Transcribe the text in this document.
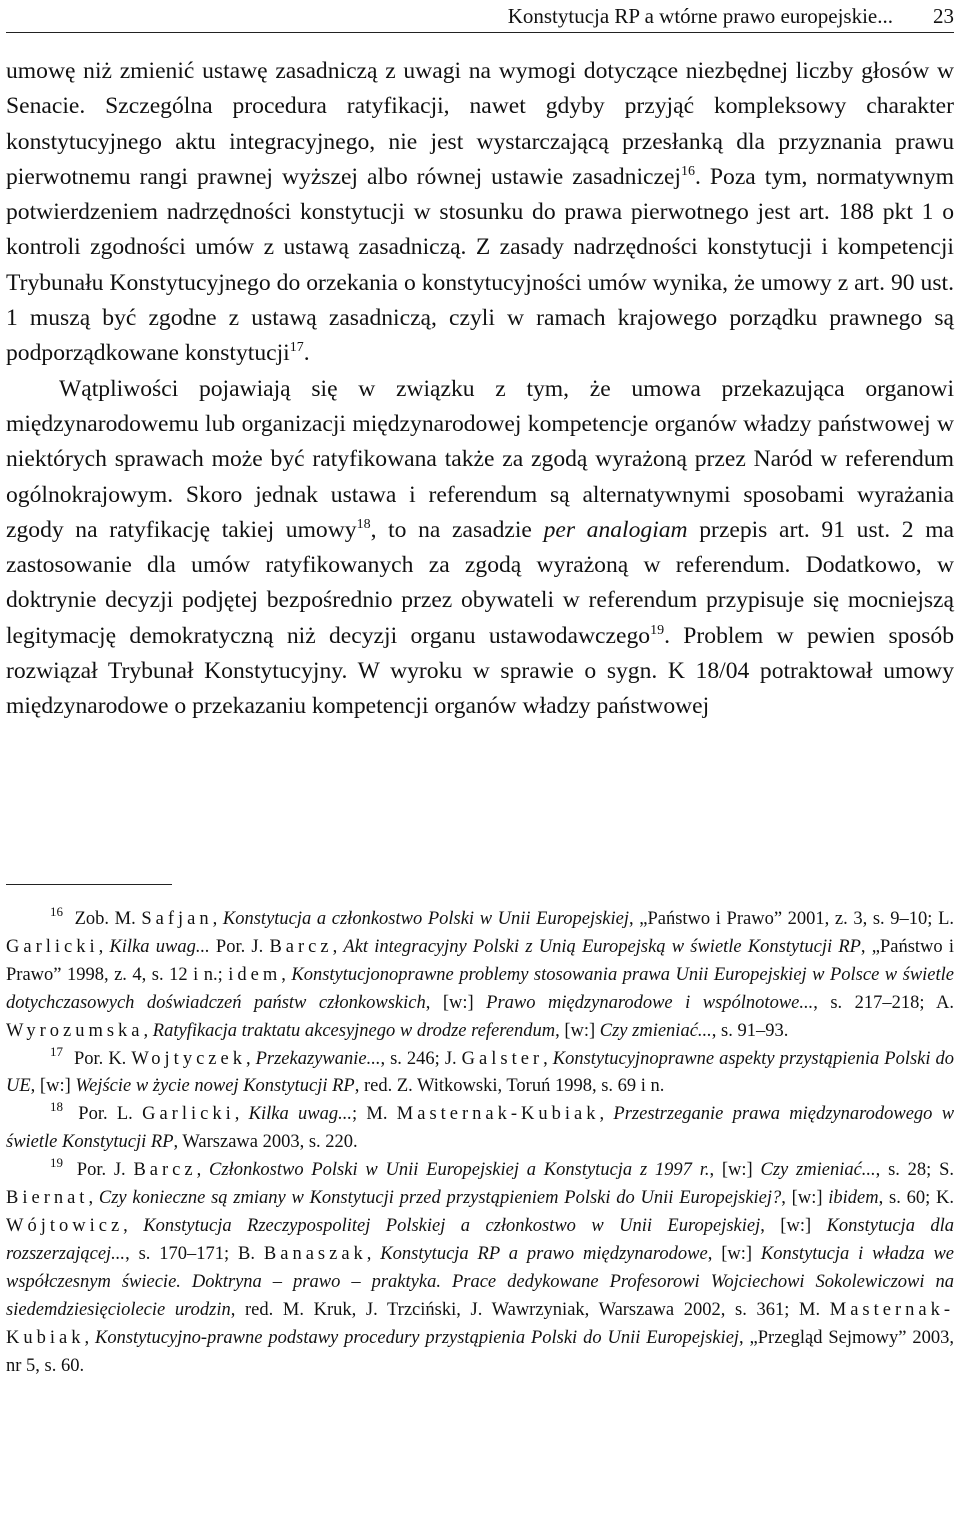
Konstytucja RP a wtórne prawo europejskie... 23

umowę niż zmienić ustawę zasadniczą z uwagi na wymogi dotyczące niezbędnej liczby głosów w Senacie. Szczególna procedura ratyfikacji, nawet gdyby przyjąć kompleksowy charakter konstytucyjnego aktu integracyjnego, nie jest wystarczającą przesłanką dla przyznania prawu pierwotnemu rangi prawnej wyższej albo równej ustawie zasadniczej$^{16}$. Poza tym, normatywnym potwierdzeniem nadrzędności konstytucji w stosunku do prawa pierwotnego jest art. 188 pkt 1 o kontroli zgodności umów z ustawą zasadniczą. Z zasady nadrzędności konstytucji i kompetencji Trybunału Konstytucyjnego do orzekania o konstytucyjności umów wynika, że umowy z art. 90 ust. 1 muszą być zgodne z ustawą zasadniczą, czyli w ramach krajowego porządku prawnego są podporządkowane konstytucji$^{17}$.

Wątpliwości pojawiają się w związku z tym, że umowa przekazująca organowi międzynarodowemu lub organizacji międzynarodowej kompetencje organów władzy państwowej w niektórych sprawach może być ratyfikowana także za zgodą wyrażoną przez Naród w referendum ogólnokrajowym. Skoro jednak ustawa i referendum są alternatywnymi sposobami wyrażania zgody na ratyfikację takiej umowy$^{18}$, to na zasadzie per analogiam przepis art. 91 ust. 2 ma zastosowanie dla umów ratyfikowanych za zgodą wyrażoną w referendum. Dodatkowo, w doktrynie decyzji podjętej bezpośrednio przez obywateli w referendum przypisuje się mocniejszą legitymację demokratyczną niż decyzji organu ustawodawczego$^{19}$. Problem w pewien sposób rozwiązał Trybunał Konstytucyjny. W wyroku w sprawie o sygn. K 18/04 potraktował umowy międzynarodowe o przekazaniu kompetencji organów władzy państwowej

$^{16}$ Zob. M. Safjan, Konstytucja a członkostwo Polski w Unii Europejskiej, „Państwo i Prawo” 2001, z. 3, s. 9–10; L. Garlicki, Kilka uwag... Por. J. Barcz, Akt integracyjny Polski z Unią Europejską w świetle Konstytucji RP, „Państwo i Prawo” 1998, z. 4, s. 12 i n.; idem, Konstytucjonoprawne problemy stosowania prawa Unii Europejskiej w Polsce w świetle dotychczasowych doświadczeń państw członkowskich, [w:] Prawo międzynarodowe i wspólnotowe..., s. 217–218; A. Wyrozumska, Ratyfikacja traktatu akcesyjnego w drodze referendum, [w:] Czy zmieniać..., s. 91–93.

$^{17}$ Por. K. Wojtyczek, Przekazywanie..., s. 246; J. Galster, Konstytucyjnoprawne aspekty przystąpienia Polski do UE, [w:] Wejście w życie nowej Konstytucji RP, red. Z. Witkowski, Toruń 1998, s. 69 i n.

$^{18}$ Por. L. Garlicki, Kilka uwag...; M. Masternak-Kubiak, Przestrzeganie prawa międzynarodowego w świetle Konstytucji RP, Warszawa 2003, s. 220.

$^{19}$ Por. J. Barcz, Członkostwo Polski w Unii Europejskiej a Konstytucja z 1997 r., [w:] Czy zmieniać..., s. 28; S. Biernat, Czy konieczne są zmiany w Konstytucji przed przystąpieniem Polski do Unii Europejskiej?, [w:] ibidem, s. 60; K. Wójtowicz, Konstytucja Rzeczypospolitej Polskiej a członkostwo w Unii Europejskiej, [w:] Konstytucja dla rozszerzającej..., s. 170–171; B. Banaszak, Konstytucja RP a prawo międzynarodowe, [w:] Konstytucja i władza we współczesnym świecie. Doktryna – prawo – praktyka. Prace dedykowane Profesorowi Wojciechowi Sokolewiczowi na siedemdziesięciolecie urodzin, red. M. Kruk, J. Trzciński, J. Wawrzyniak, Warszawa 2002, s. 361; M. Masternak-Kubiak, Konstytucyjno-prawne podstawy procedury przystąpienia Polski do Unii Europejskiej, „Przegląd Sejmowy” 2003, nr 5, s. 60.
